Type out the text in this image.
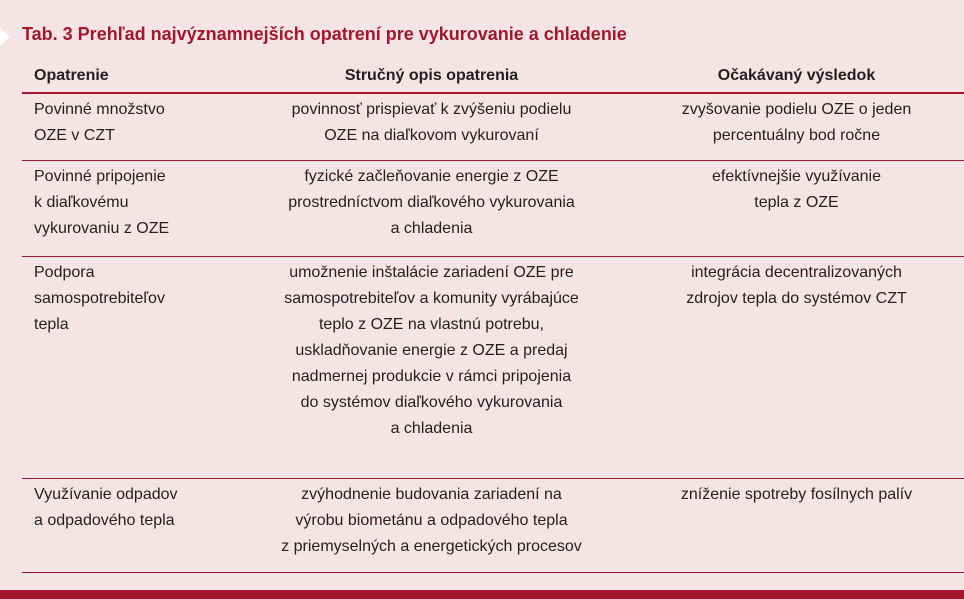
Tab. 3 Prehľad najvýznamnejších opatrení pre vykurovanie a chladenie
Opatrenie	Stručný opis opatrenia	Očakávaný výsledok
Povinné množstvo
OZE v CZT
povinnosť prispievať k zvýšeniu podielu
OZE na diaľkovom vykurovaní
zvyšovanie podielu OZE o jeden
percentuálny bod ročne
Povinné pripojenie
k diaľkovému
vykurovaniu z OZE
fyzické začleňovanie energie z OZE
prostredníctvom diaľkového vykurovania
a chladenia
efektívnejšie využívanie
tepla z OZE
Podpora
samospotrebiteľov
tepla
umožnenie inštalácie zariadení OZE pre
samospotrebiteľov a komunity vyrábajúce
teplo z OZE na vlastnú potrebu,
uskladňovanie energie z OZE a predaj
nadmernej produkcie v rámci pripojenia
do systémov diaľkového vykurovania
a chladenia
integrácia decentralizovaných
zdrojov tepla do systémov CZT
Využívanie odpadov
a odpadového tepla
zvýhodnenie budovania zariadení na
výrobu biometánu a odpadového tepla
z priemyselných a energetických procesov
zníženie spotreby fosílnych palív
